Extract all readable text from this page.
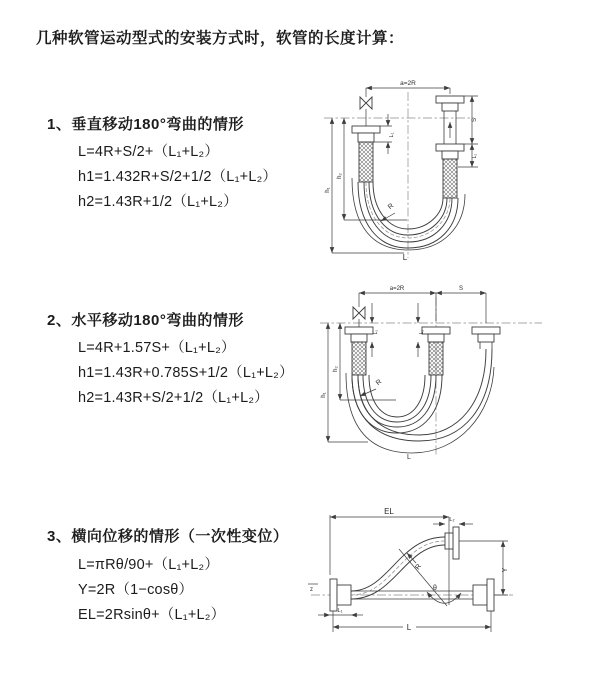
几种软管运动型式的安装方式时，软管的长度计算：
1、垂直移动180°弯曲的情形
L=4R+S/2+（L₁+L₂）
h1=1.432R+S/2+1/2（L₁+L₂）
h2=1.43R+1/2（L₁+L₂）
2、水平移动180°弯曲的情形
L=4R+1.57S+（L₁+L₂）
h1=1.43R+0.785S+1/2（L₁+L₂）
h2=1.43R+S/2+1/2（L₁+L₂）
3、横向位移的情形（一次性变位）
L=πRθ/90+（L₁+L₂）
Y=2R（1−cosθ）
EL=2Rsinθ+（L₁+L₂）
a=2R
h₁
h₂
L₁
S
L₂
R
L
a=2R	S
L
h₁
h₂
L₁	L₂
R
z	θ
R
EL
L₂
Y
L
L₁
